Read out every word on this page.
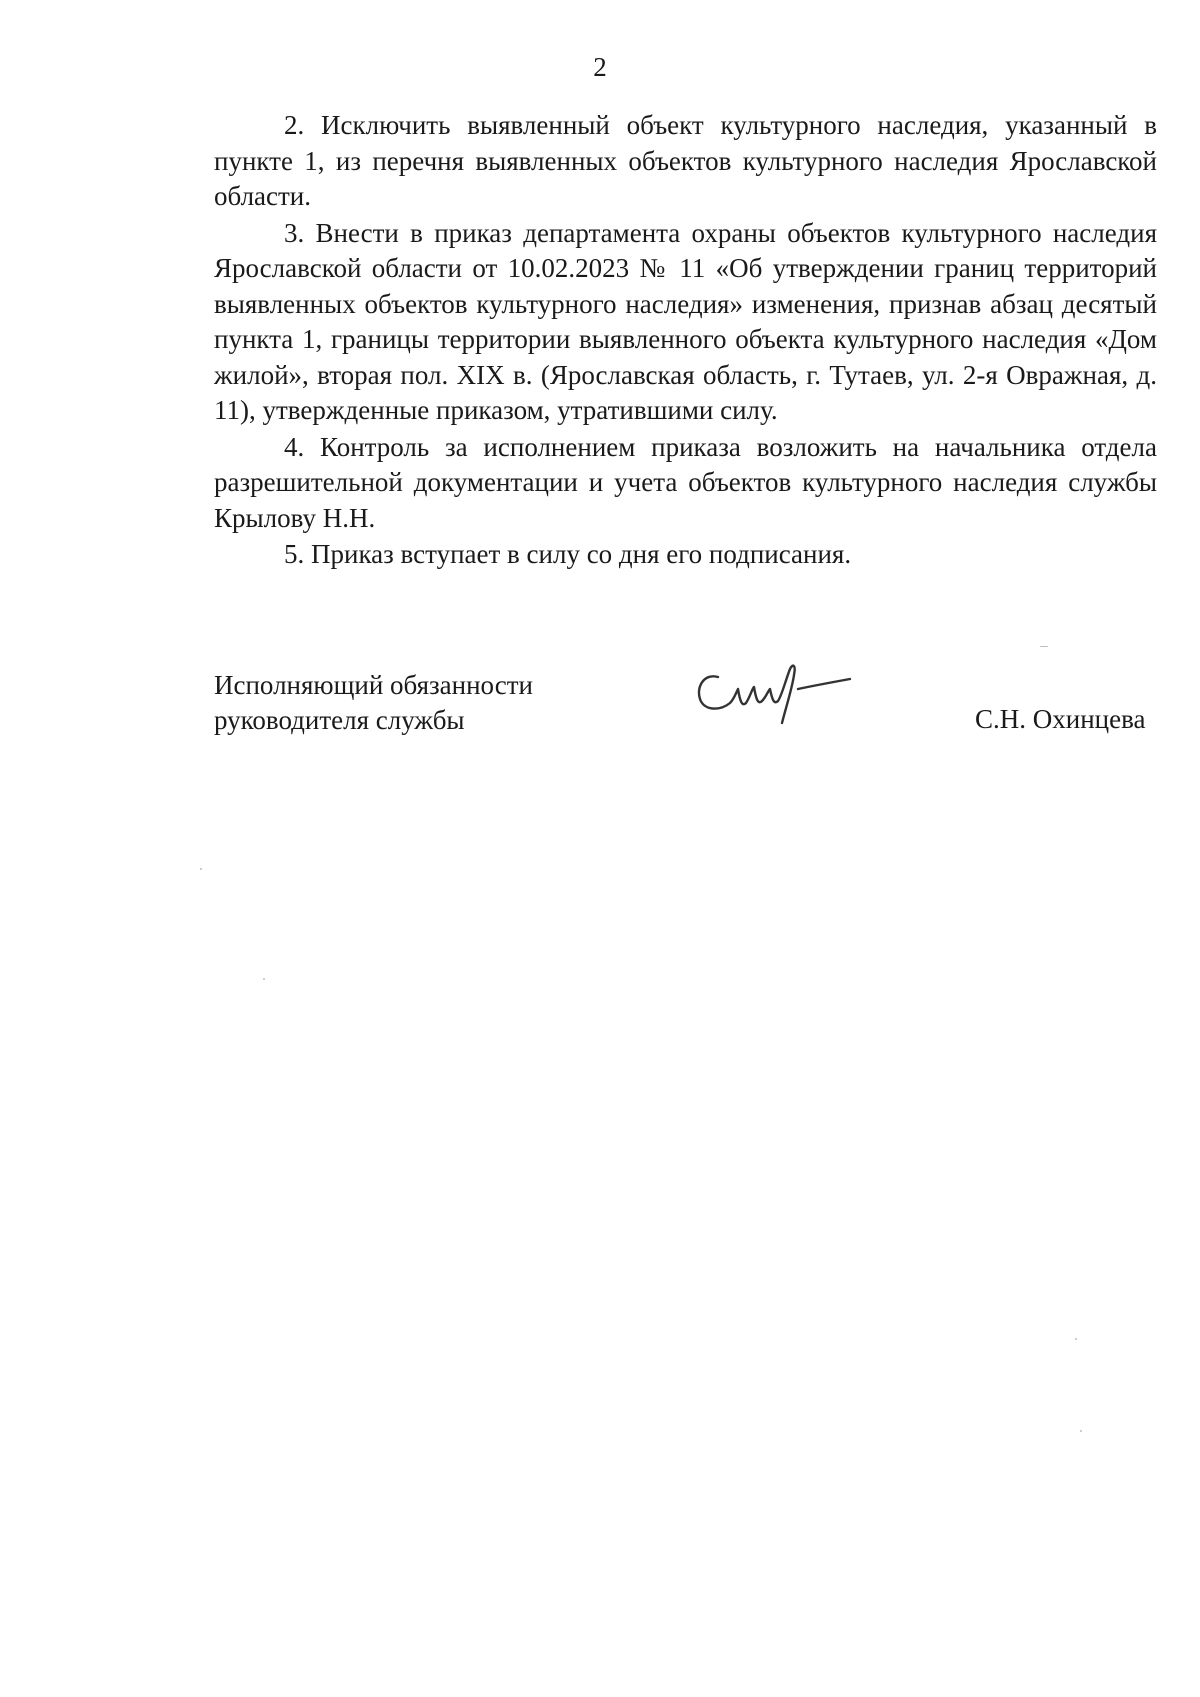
2

2. Исключить выявленный объект культурного наследия, указанный в пункте 1, из перечня выявленных объектов культурного наследия Ярославской области.

3. Внести в приказ департамента охраны объектов культурного наследия Ярославской области от 10.02.2023 № 11 «Об утверждении границ территорий выявленных объектов культурного наследия» изменения, признав абзац десятый пункта 1, границы территории выявленного объекта культурного наследия «Дом жилой», вторая пол. XIX в. (Ярославская область, г. Тутаев, ул. 2-я Овражная, д. 11), утвержденные приказом, утратившими силу.

4. Контроль за исполнением приказа возложить на начальника отдела разрешительной документации и учета объектов культурного наследия службы Крылову Н.Н.

5. Приказ вступает в силу со дня его подписания.

Исполняющий обязанности
руководителя службы	С.Н. Охинцева
